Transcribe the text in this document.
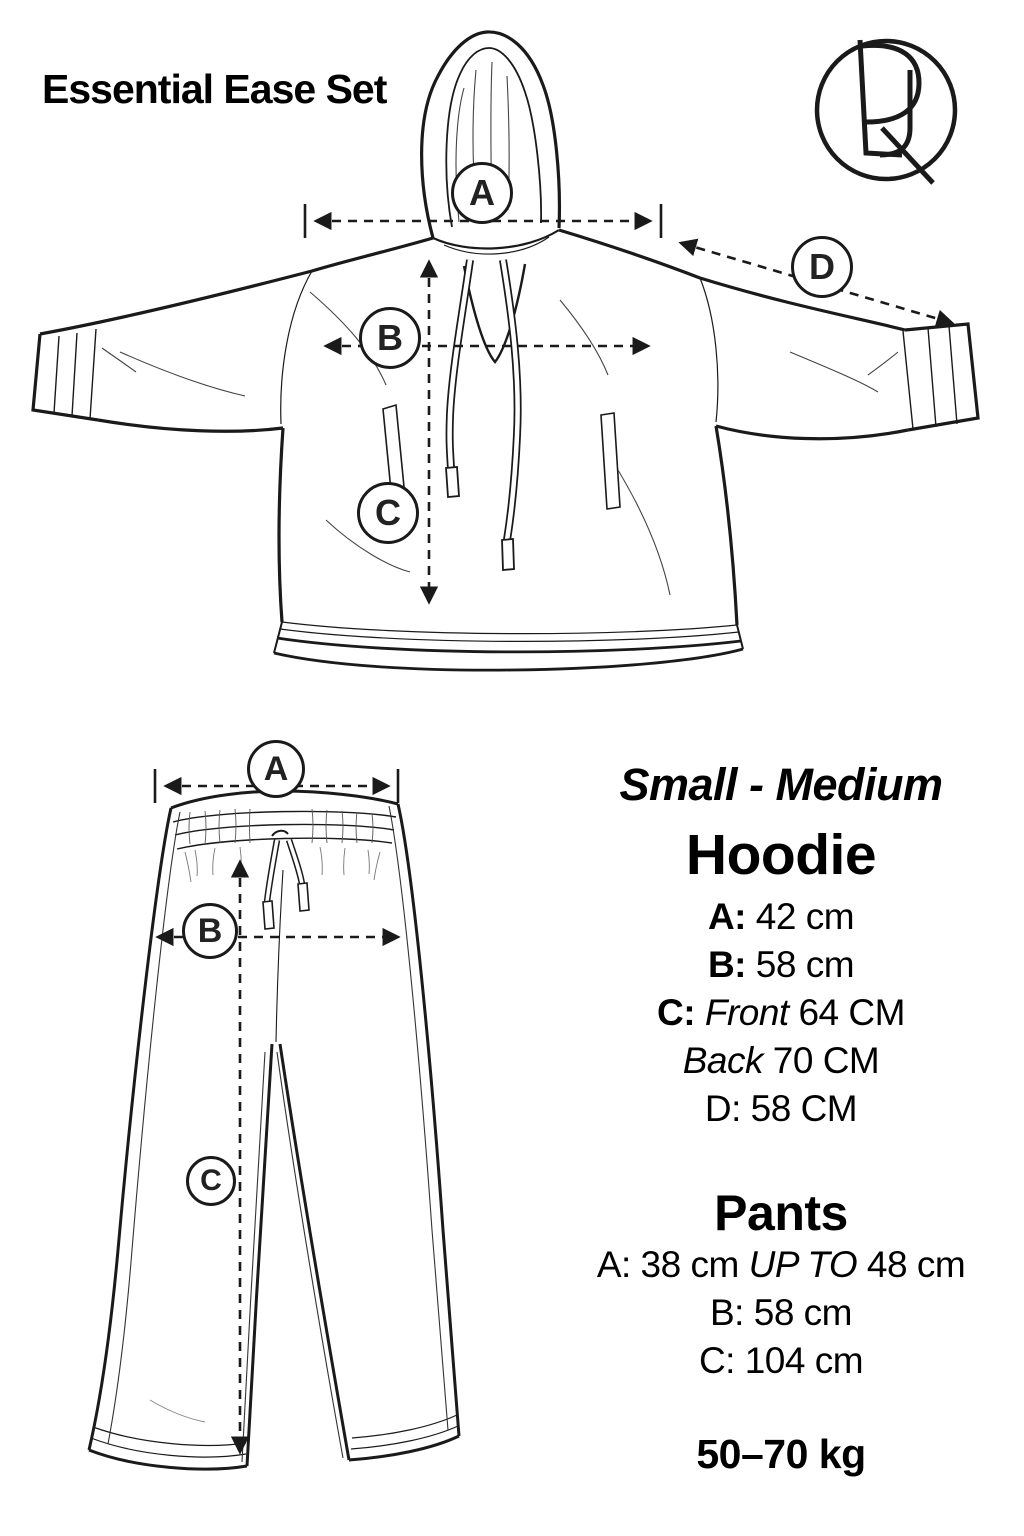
Essential Ease Set
A
B
C
D
A
B
C
Small - Medium
Hoodie
A: 42 cm
B: 58 cm
C: Front 64 CM
Back 70 CM
D: 58 CM
Pants
A: 38 cm UP TO 48 cm
B: 58 cm
C: 104 cm
50–70 kg
